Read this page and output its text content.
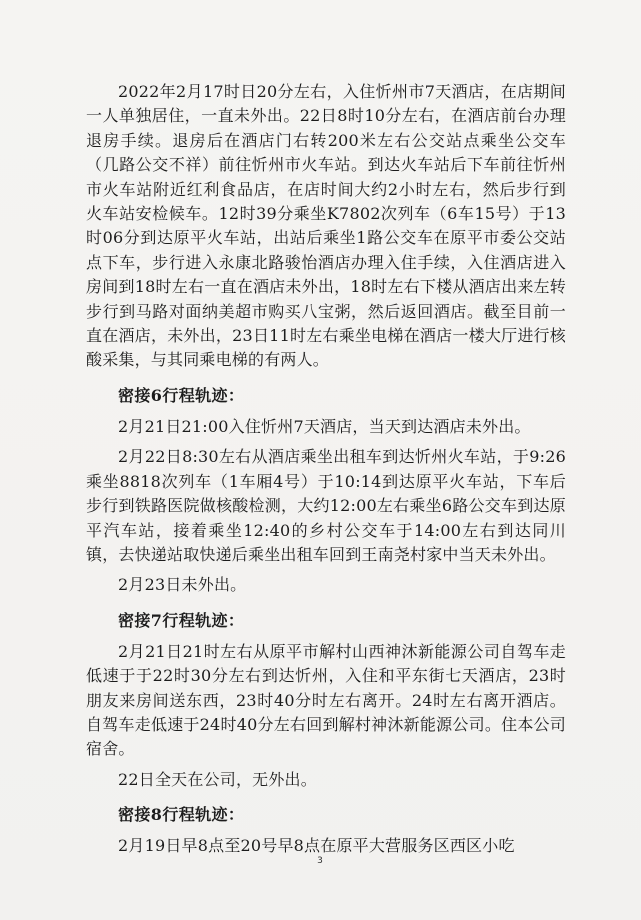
2022年2月17时日20分左右，入住忻州市7天酒店，在店期间一人单独居住，一直未外出。22日8时10分左右，在酒店前台办理退房手续。退房后在酒店门右转200米左右公交站点乘坐公交车（几路公交不祥）前往忻州市火车站。到达火车站后下车前往忻州市火车站附近红利食品店，在店时间大约2小时左右，然后步行到火车站安检候车。12时39分乘坐K7802次列车（6车15号）于13时06分到达原平火车站，出站后乘坐1路公交车在原平市委公交站点下车，步行进入永康北路骏怡酒店办理入住手续，入住酒店进入房间到18时左右一直在酒店未外出，18时左右下楼从酒店出来左转步行到马路对面纳美超市购买八宝粥，然后返回酒店。截至目前一直在酒店，未外出，23日11时左右乘坐电梯在酒店一楼大厅进行核酸采集，与其同乘电梯的有两人。

密接6行程轨迹：

2月21日21:00入住忻州7天酒店，当天到达酒店未外出。

2月22日8:30左右从酒店乘坐出租车到达忻州火车站，于9:26乘坐8818次列车（1车厢4号）于10:14到达原平火车站，下车后步行到铁路医院做核酸检测，大约12:00左右乘坐6路公交车到达原平汽车站，接着乘坐12:40的乡村公交车于14:00左右到达同川镇，去快递站取快递后乘坐出租车回到王南尧村家中当天未外出。

2月23日未外出。

密接7行程轨迹：

2月21日21时左右从原平市解村山西神沐新能源公司自驾车走低速于于22时30分左右到达忻州，入住和平东街七天酒店，23时朋友来房间送东西，23时40分时左右离开。24时左右离开酒店。自驾车走低速于24时40分左右回到解村神沐新能源公司。住本公司宿舍。

22日全天在公司，无外出。

密接8行程轨迹：

2月19日早8点至20号早8点在原平大营服务区西区小吃

3
